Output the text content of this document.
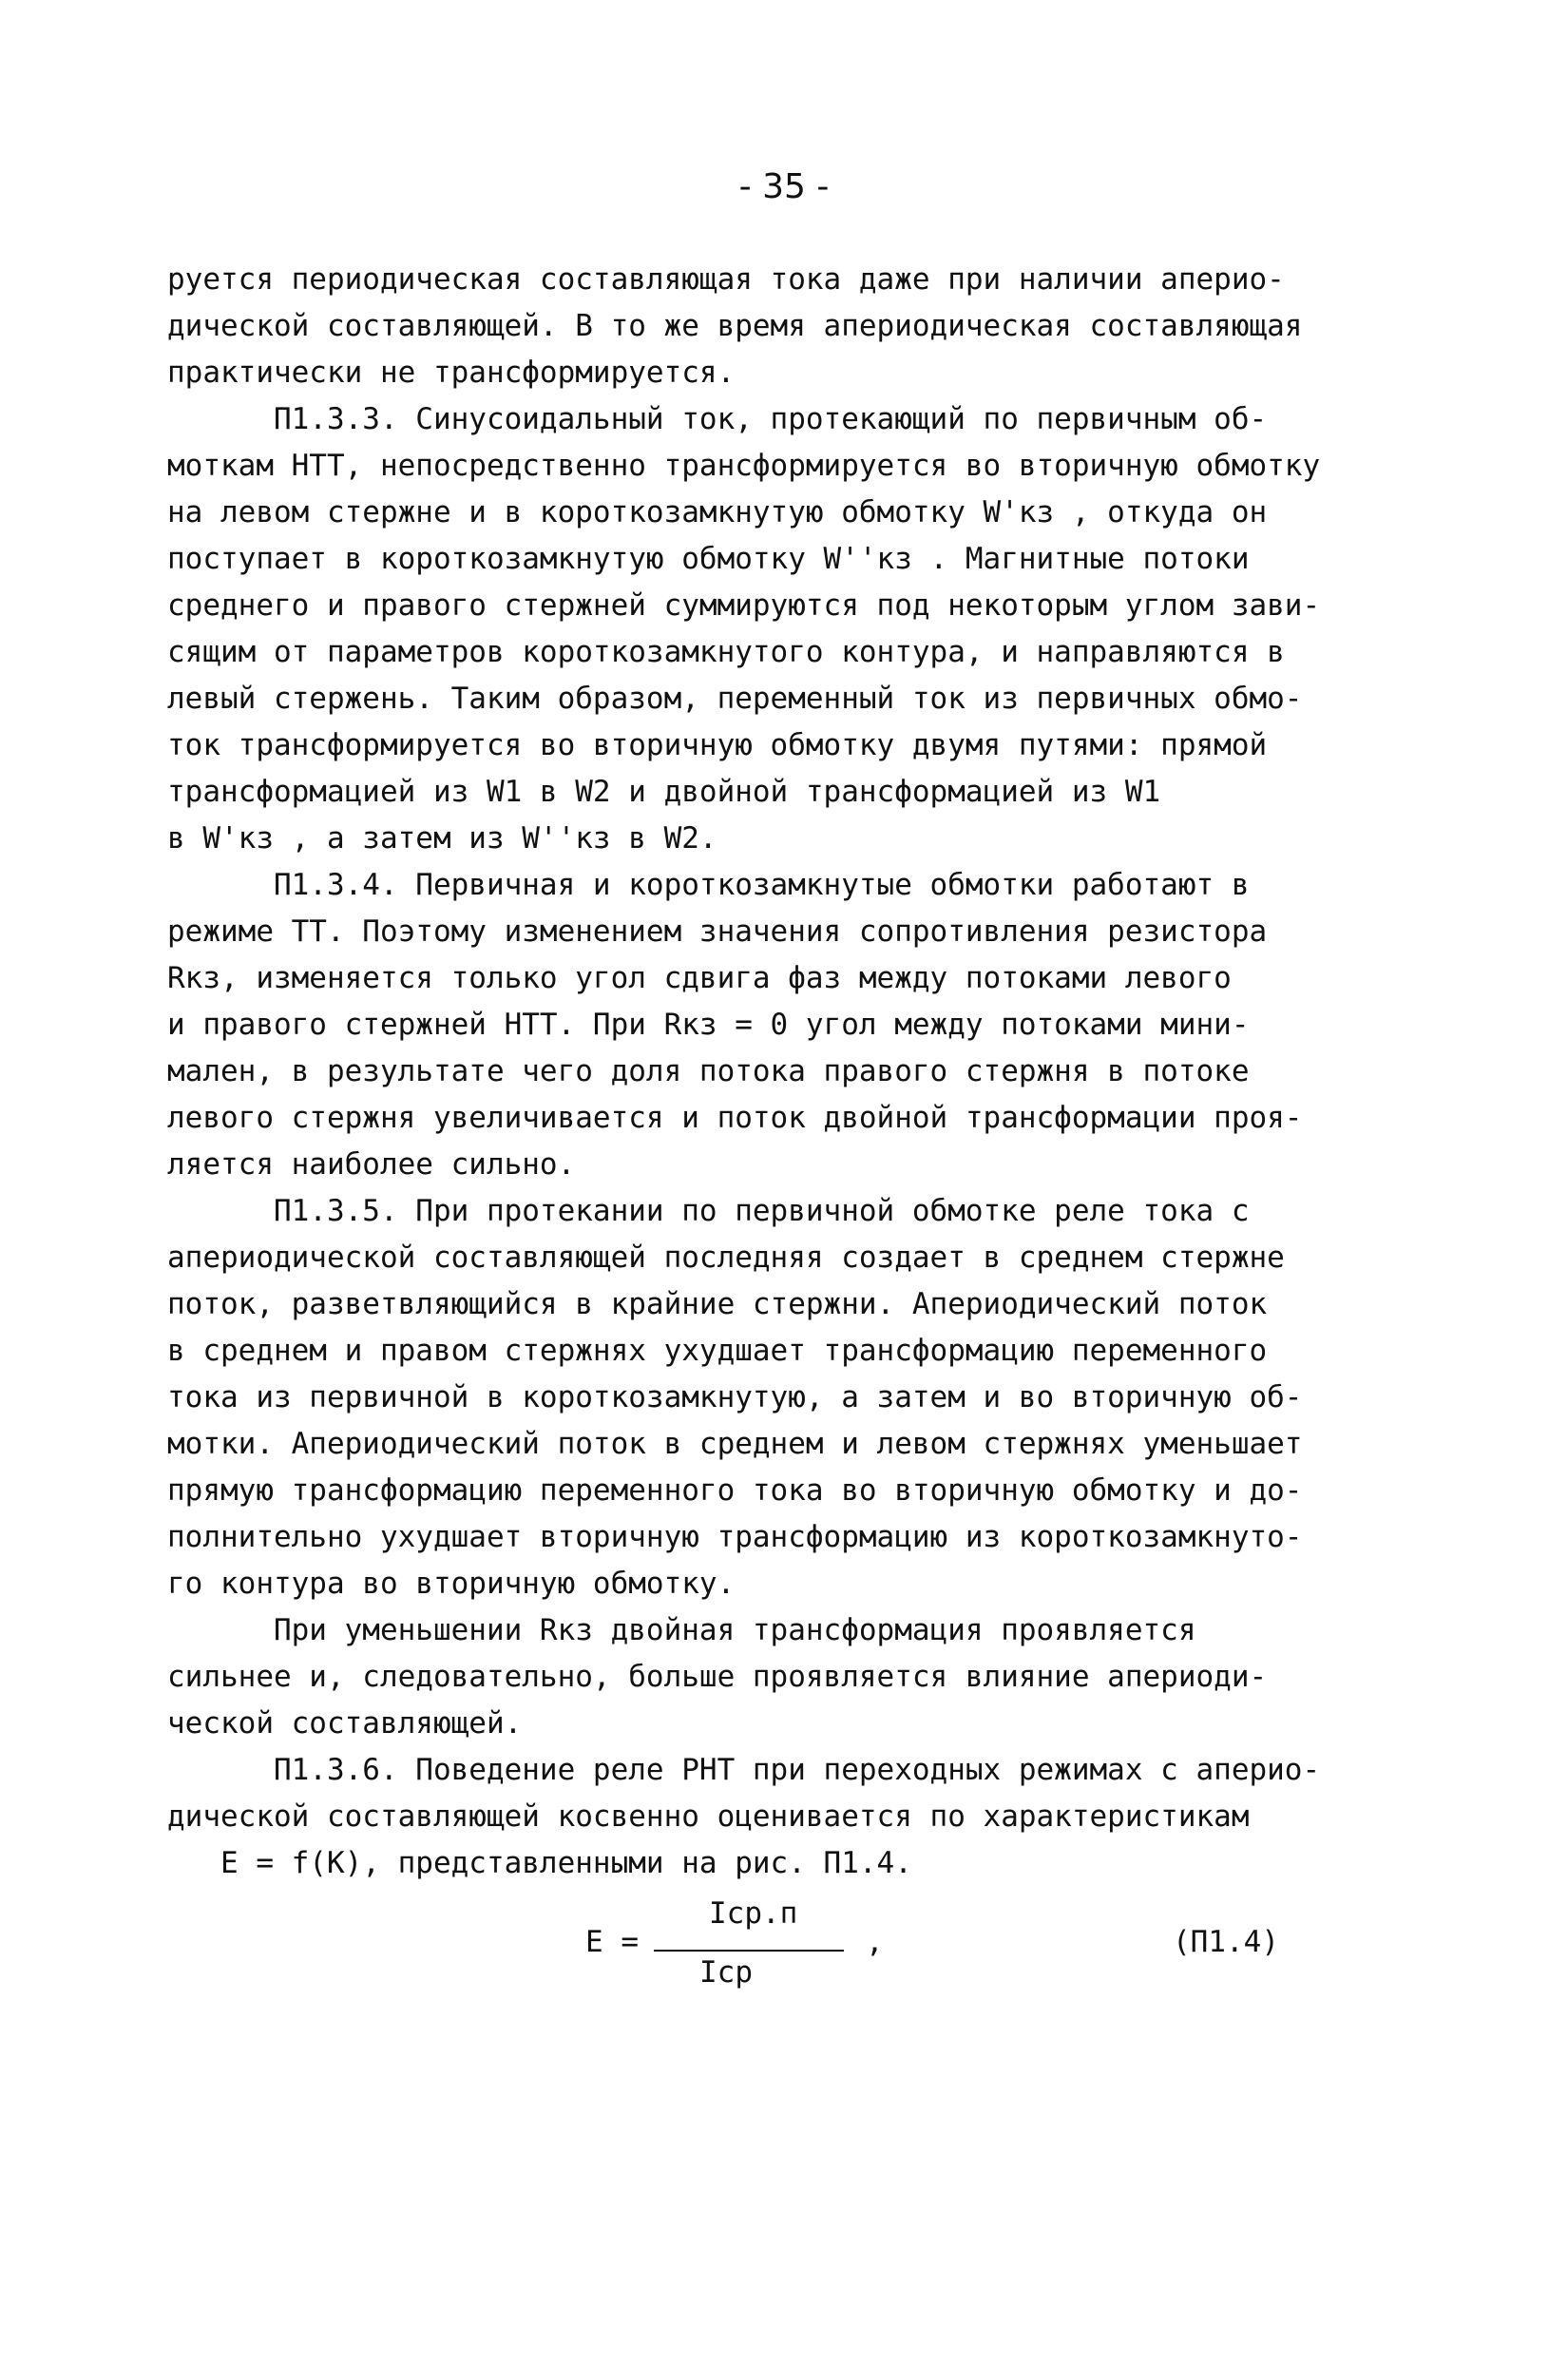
- 35 -
руется периодическая составляющая тока даже при наличии аперио-
дической составляющей. В то же время апериодическая составляющая
практически не трансформируется.
П1.3.3. Синусоидальный ток, протекающий по первичным об-
моткам НТТ, непосредственно трансформируется во вторичную обмотку
на левом стержне и в короткозамкнутую обмотку W'кз , откуда он
поступает в короткозамкнутую обмотку W''кз . Магнитные потоки
среднего и правого стержней суммируются под некоторым углом зави-
сящим от параметров короткозамкнутого контура, и направляются в
левый стержень. Таким образом, переменный ток из первичных обмо-
ток трансформируется во вторичную обмотку двумя путями: прямой
трансформацией из W1 в W2 и двойной трансформацией из W1
в W'кз , а затем из W''кз в W2.
П1.3.4. Первичная и короткозамкнутые обмотки работают в
режиме ТТ. Поэтому изменением значения сопротивления резистора
Rкз, изменяется только угол сдвига фаз между потоками левого
и правого стержней НТТ. При Rкз = 0 угол между потоками мини-
мален, в результате чего доля потока правого стержня в потоке
левого стержня увеличивается и поток двойной трансформации проя-
ляется наиболее сильно.
П1.3.5. При протекании по первичной обмотке реле тока с
апериодической составляющей последняя создает в среднем стержне
поток, разветвляющийся в крайние стержни. Апериодический поток
в среднем и правом стержнях ухудшает трансформацию переменного
тока из первичной в короткозамкнутую, а затем и во вторичную об-
мотки. Апериодический поток в среднем и левом стержнях уменьшает
прямую трансформацию переменного тока во вторичную обмотку и до-
полнительно ухудшает вторичную трансформацию из короткозамкнуто-
го контура во вторичную обмотку.
При уменьшении Rкз двойная трансформация проявляется
сильнее и, следовательно, больше проявляется влияние апериоди-
ческой составляющей.
П1.3.6. Поведение реле РНТ при переходных режимах с аперио-
дической составляющей косвенно оценивается по характеристикам
Е = f(К), представленными на рис. П1.4.
Е =
Iср.п
Iср
,	(П1.4)
